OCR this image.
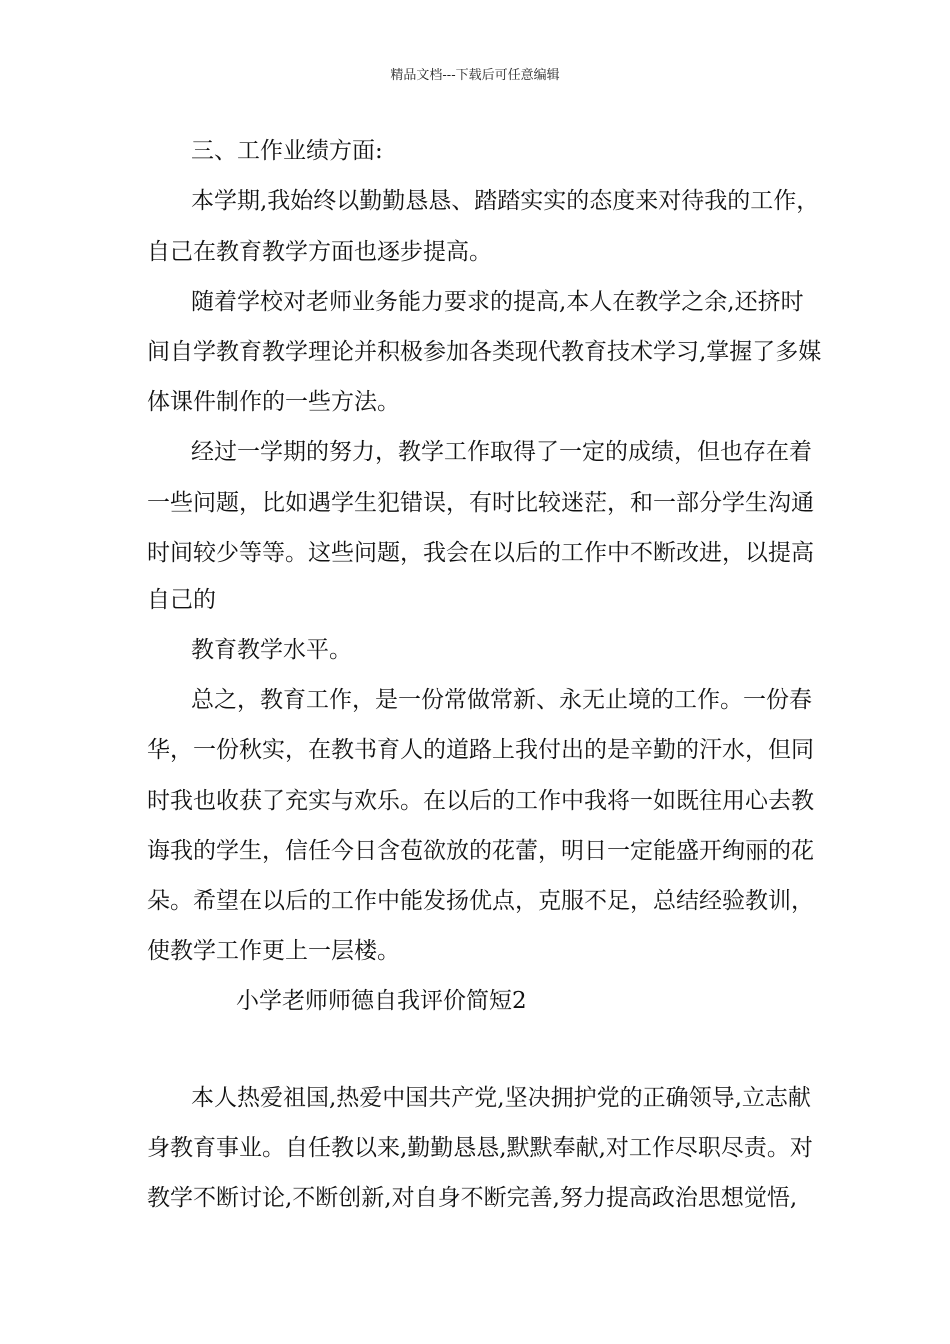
精品文档---下载后可任意编辑
三、工作业绩方面:
本学期,我始终以勤勤恳恳、踏踏实实的态度来对待我的工作，
自己在教育教学方面也逐步提高。
随着学校对老师业务能力要求的提高,本人在教学之余,还挤时
间自学教育教学理论并积极参加各类现代教育技术学习,掌握了多媒
体课件制作的一些方法。
经过一学期的努力，教学工作取得了一定的成绩，但也存在着
一些问题，比如遇学生犯错误，有时比较迷茫，和一部分学生沟通
时间较少等等。这些问题，我会在以后的工作中不断改进，以提高
自己的
教育教学水平。
总之，教育工作，是一份常做常新、永无止境的工作。一份春
华，一份秋实，在教书育人的道路上我付出的是辛勤的汗水，但同
时我也收获了充实与欢乐。在以后的工作中我将一如既往用心去教
诲我的学生，信任今日含苞欲放的花蕾，明日一定能盛开绚丽的花
朵。希望在以后的工作中能发扬优点，克服不足，总结经验教训，
使教学工作更上一层楼。
小学老师师德自我评价简短2
本人热爱祖国,热爱中国共产党,坚决拥护党的正确领导,立志献
身教育事业。自任教以来,勤勤恳恳,默默奉献,对工作尽职尽责。对
教学不断讨论,不断创新,对自身不断完善,努力提高政治思想觉悟,
